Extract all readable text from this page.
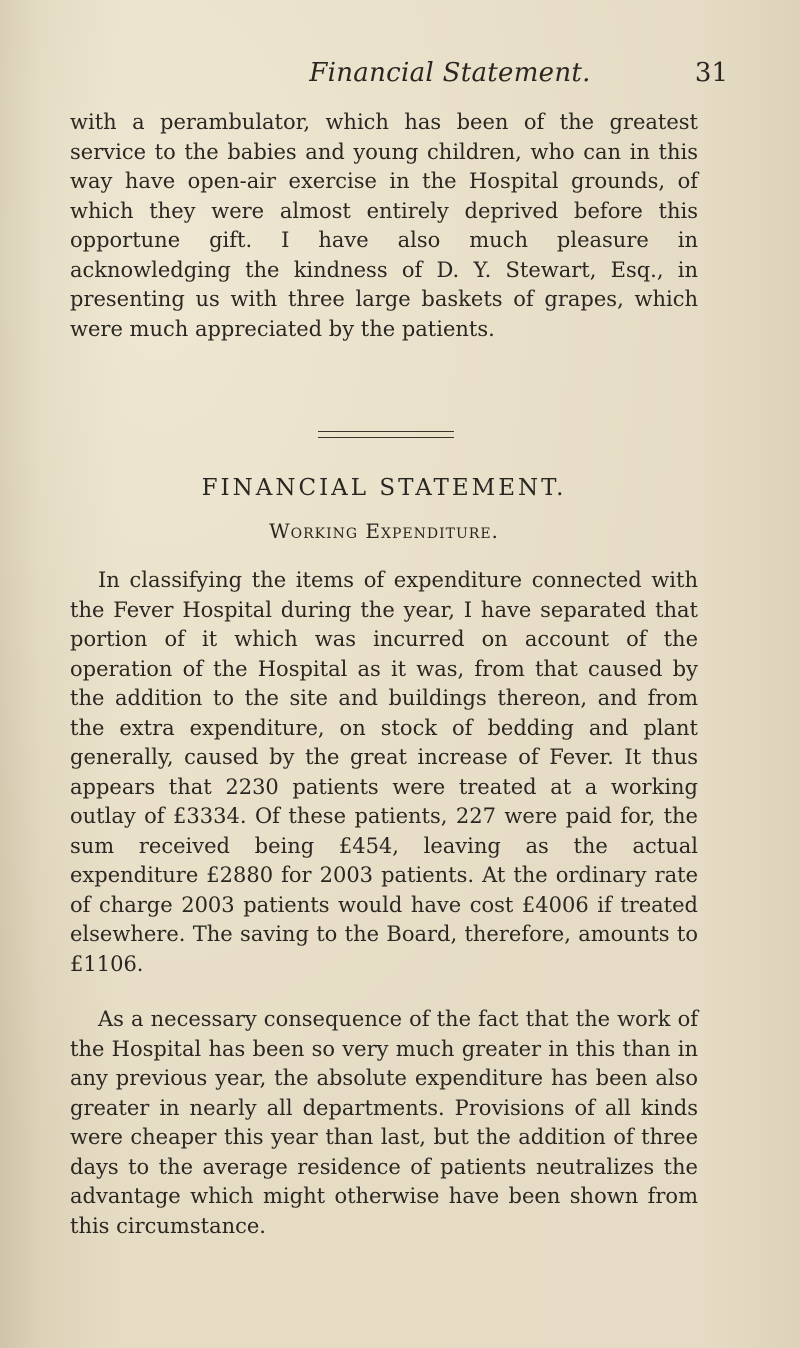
Financial Statement.	31

with a perambulator, which has been of the greatest service to the babies and young children, who can in this way have open-air exercise in the Hospital grounds, of which they were almost entirely deprived before this opportune gift. I have also much pleasure in acknowledging the kindness of D. Y. Stewart, Esq., in presenting us with three large baskets of grapes, which were much appreciated by the patients.

FINANCIAL STATEMENT.
Working Expenditure.

In classifying the items of expenditure connected with the Fever Hospital during the year, I have separated that portion of it which was incurred on account of the operation of the Hospital as it was, from that caused by the addition to the site and buildings thereon, and from the extra expenditure, on stock of bedding and plant generally, caused by the great increase of Fever. It thus appears that 2230 patients were treated at a working outlay of £3334. Of these patients, 227 were paid for, the sum received being £454, leaving as the actual expenditure £2880 for 2003 patients. At the ordinary rate of charge 2003 patients would have cost £4006 if treated elsewhere. The saving to the Board, therefore, amounts to £1106.

As a necessary consequence of the fact that the work of the Hospital has been so very much greater in this than in any previous year, the absolute expenditure has been also greater in nearly all departments. Provisions of all kinds were cheaper this year than last, but the addition of three days to the average residence of patients neutralizes the advantage which might otherwise have been shown from this circumstance.
